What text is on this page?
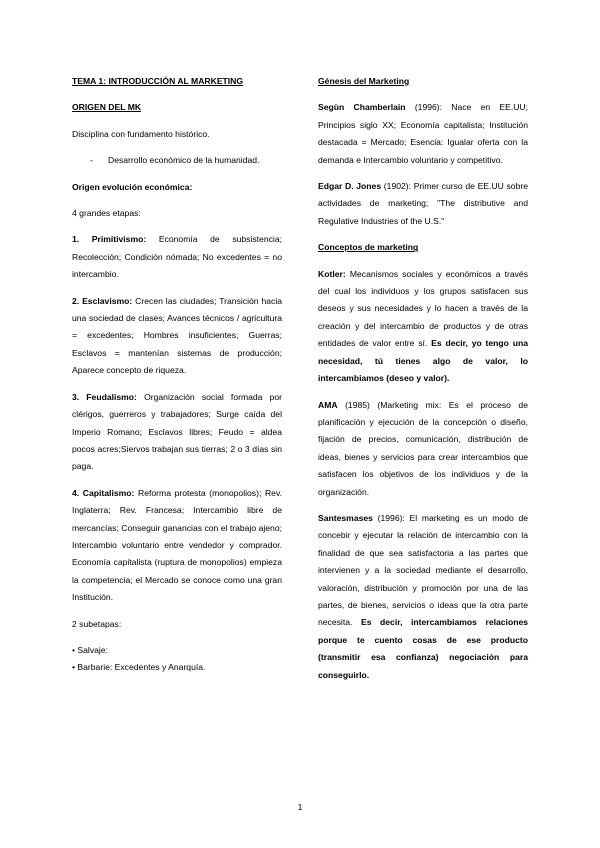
TEMA 1: INTRODUCCIÓN AL MARKETING
ORIGEN DEL MK

Disciplina con fundamento histórico.

- Desarrollo económico de la humanidad.
Origen evolución económica:

4 grandes etapas:

1. Primitivismo: Economía de subsistencia; Recolección; Condición nómada; No excedentes = no intercambio.

2. Esclavismo: Crecen las ciudades; Transición hacia una sociedad de clases; Avances técnicos / agricultura = excedentes; Hombres insuficientes; Guerras; Esclavos = mantenían sistemas de producción; Aparece concepto de riqueza.

3. Feudalismo: Organización social formada por clérigos, guerreros y trabajadores; Surge caída del Imperio Romano; Esclavos libres; Feudo = aldea pocos acres;Siervos trabajan sus tierras; 2 o 3 días sin paga.

4. Capitalismo: Reforma protesta (monopolios); Rev. Inglaterra; Rev. Francesa; Intercambio libre de mercancías; Conseguir ganancias con el trabajo ajeno; Intercambio voluntario entre vendedor y comprador. Economía capitalista (ruptura de monopolios) empieza la competencia; el Mercado se conoce como una gran Institución.

2 subetapas:

• Salvaje:
• Barbarie: Excedentes y Anarquía.
Génesis del Marketing

Segùn Chamberlain (1996): Nace en EE.UU; Principios siglo XX; Economía capitalista; Institución destacada = Mercado; Esencia: Igualar oferta con la demanda e Intercambio voluntario y competitivo.

Edgar D. Jones (1902): Primer curso de EE.UU sobre actividades de marketing; "The distributive and Regulative Industries of the U.S."

Conceptos de marketing

Kotler: Mecanismos sociales y económicos a través del cual los individuos y los grupos satisfacen sus deseos y sus necesidades y lo hacen a través de la creación y del intercambio de productos y de otras entidades de valor entre sí. Es decir, yo tengo una necesidad, tú tienes algo de valor, lo intercambiamos (deseo y valor).

AMA (1985) (Marketing mix: Es el proceso de planificación y ejecución de la concepción o diseño, fijación de precios, comunicación, distribución de ideas, bienes y servicios para crear intercambios que satisfacen los objetivos de los individuos y de la organización.

Santesmases (1996): El marketing es un modo de concebir y ejecutar la relación de intercambio con la finalidad de que sea satisfactoria a las partes que intervienen y a la sociedad mediante el desarrollo, valoración, distribución y promoción por una de las partes, de bienes, servicios o ideas que la otra parte necesita. Es decir, intercambiamos relaciones porque te cuento cosas de ese producto (transmitir esa confianza) negociación para conseguirlo.

1
